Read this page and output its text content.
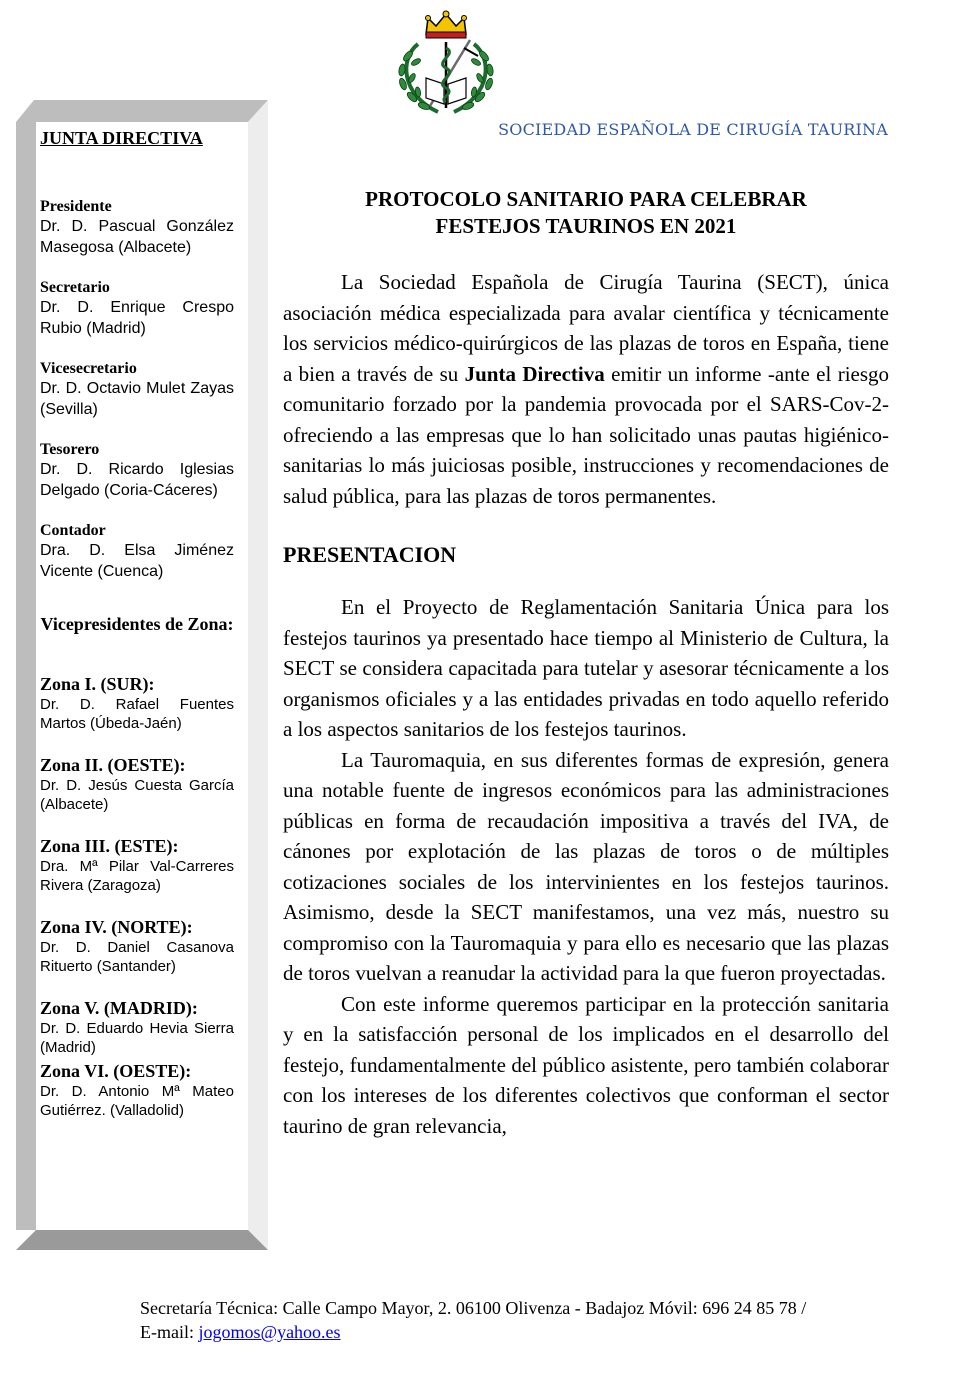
SOCIEDAD ESPAÑOLA DE CIRUGÍA TAURINA
JUNTA DIRECTIVA
Presidente
Dr. D. Pascual González Masegosa (Albacete)
Secretario
Dr. D. Enrique Crespo Rubio (Madrid)
Vicesecretario
Dr. D. Octavio Mulet Zayas (Sevilla)
Tesorero
Dr. D. Ricardo Iglesias Delgado (Coria-Cáceres)
Contador
Dra. D. Elsa Jiménez Vicente (Cuenca)
Vicepresidentes de Zona:
Zona I. (SUR):
Dr. D. Rafael Fuentes Martos (Úbeda-Jaén)
Zona II. (OESTE):
Dr. D. Jesús Cuesta García (Albacete)
Zona III. (ESTE):
Dra. Mª Pilar Val-Carreres Rivera (Zaragoza)
Zona IV. (NORTE):
Dr. D. Daniel Casanova Rituerto (Santander)
Zona V. (MADRID):
Dr. D. Eduardo Hevia Sierra (Madrid)
Zona VI. (OESTE):
Dr. D. Antonio Mª Mateo Gutiérrez. (Valladolid)
PROTOCOLO SANITARIO PARA CELEBRAR
FESTEJOS TAURINOS EN 2021

La Sociedad Española de Cirugía Taurina (SECT), única asociación médica especializada para avalar científica y técnicamente los servicios médico-quirúrgicos de las plazas de toros en España, tiene a bien a través de su Junta Directiva emitir un informe -ante el riesgo comunitario forzado por la pandemia provocada por el SARS-Cov-2- ofreciendo a las empresas que lo han solicitado unas pautas higiénico-sanitarias lo más juiciosas posible, instrucciones y recomendaciones de salud pública, para las plazas de toros permanentes.

PRESENTACION

En el Proyecto de Reglamentación Sanitaria Única para los festejos taurinos ya presentado hace tiempo al Ministerio de Cultura, la SECT se considera capacitada para tutelar y asesorar técnicamente a los organismos oficiales y a las entidades privadas en todo aquello referido a los aspectos sanitarios de los festejos taurinos.

La Tauromaquia, en sus diferentes formas de expresión, genera una notable fuente de ingresos económicos para las administraciones públicas en forma de recaudación impositiva a través del IVA, de cánones por explotación de las plazas de toros o de múltiples cotizaciones sociales de los intervinientes en los festejos taurinos. Asimismo, desde la SECT manifestamos, una vez más, nuestro su compromiso con la Tauromaquia y para ello es necesario que las plazas de toros vuelvan a reanudar la actividad para la que fueron proyectadas.

Con este informe queremos participar en la protección sanitaria y en la satisfacción personal de los implicados en el desarrollo del festejo, fundamentalmente del público asistente, pero también colaborar con los intereses de los diferentes colectivos que conforman el sector taurino de gran relevancia,

Secretaría Técnica: Calle Campo Mayor, 2. 06100 Olivenza - Badajoz Móvil: 696 24 85 78 /
E-mail: jogomos@yahoo.es
